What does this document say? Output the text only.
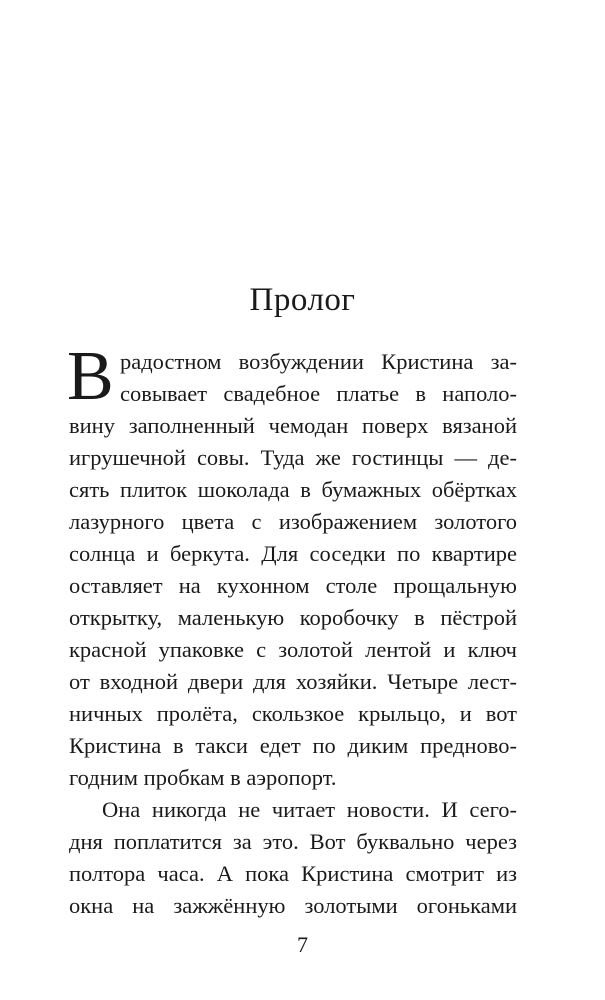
Пролог
В радостном возбуждении Кристина за-
совывает свадебное платье в наполо-
вину заполненный чемодан поверх вязаной
игрушечной совы. Туда же гостинцы — де-
сять плиток шоколада в бумажных обёртках
лазурного цвета с изображением золотого
солнца и беркута. Для соседки по квартире
оставляет на кухонном столе прощальную
открытку, маленькую коробочку в пёстрой
красной упаковке с золотой лентой и ключ
от входной двери для хозяйки. Четыре лест-
ничных пролёта, скользкое крыльцо, и вот
Кристина в такси едет по диким предново-
годним пробкам в аэропорт.
Она никогда не читает новости. И сего-
дня поплатится за это. Вот буквально через
полтора часа. А пока Кристина смотрит из
окна на зажжённую золотыми огоньками
7
